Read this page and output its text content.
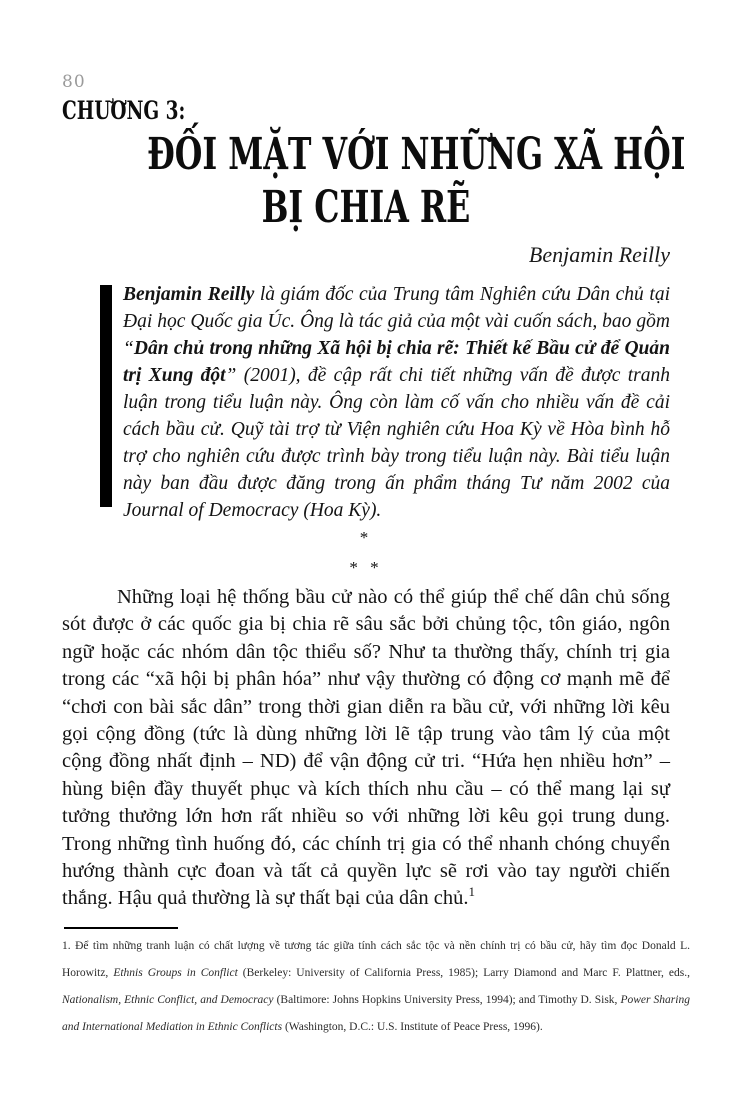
80
CHƯƠNG 3:
ĐỐI MẶT VỚI NHỮNG XÃ HỘI
BỊ CHIA RẼ
Benjamin Reilly
Benjamin Reilly là giám đốc của Trung tâm Nghiên cứu Dân chủ tại Đại học Quốc gia Úc. Ông là tác giả của một vài cuốn sách, bao gồm “Dân chủ trong những Xã hội bị chia rẽ: Thiết kế Bầu cử để Quản trị Xung đột” (2001), đề cập rất chi tiết những vấn đề được tranh luận trong tiểu luận này. Ông còn làm cố vấn cho nhiều vấn đề cải cách bầu cử. Quỹ tài trợ từ Viện nghiên cứu Hoa Kỳ về Hòa bình hỗ trợ cho nghiên cứu được trình bày trong tiểu luận này. Bài tiểu luận này ban đầu được đăng trong ấn phẩm tháng Tư năm 2002 của Journal of Democracy (Hoa Kỳ).
*
* *

Những loại hệ thống bầu cử nào có thể giúp thể chế dân chủ sống sót được ở các quốc gia bị chia rẽ sâu sắc bởi chủng tộc, tôn giáo, ngôn ngữ hoặc các nhóm dân tộc thiểu số? Như ta thường thấy, chính trị gia trong các “xã hội bị phân hóa” như vậy thường có động cơ mạnh mẽ để “chơi con bài sắc dân” trong thời gian diễn ra bầu cử, với những lời kêu gọi cộng đồng (tức là dùng những lời lẽ tập trung vào tâm lý của một cộng đồng nhất định – ND) để vận động cử tri. “Hứa hẹn nhiều hơn” – hùng biện đầy thuyết phục và kích thích nhu cầu – có thể mang lại sự tưởng thưởng lớn hơn rất nhiều so với những lời kêu gọi trung dung. Trong những tình huống đó, các chính trị gia có thể nhanh chóng chuyển hướng thành cực đoan và tất cả quyền lực sẽ rơi vào tay người chiến thắng. Hậu quả thường là sự thất bại của dân chủ.$^1$

1. Để tìm những tranh luận có chất lượng về tương tác giữa tính cách sắc tộc và nền chính trị có bầu cử, hãy tìm đọc Donald L. Horowitz, Ethnis Groups in Conflict (Berkeley: University of California Press, 1985); Larry Diamond and Marc F. Plattner, eds., Nationalism, Ethnic Conflict, and Democracy (Baltimore: Johns Hopkins University Press, 1994); and Timothy D. Sisk, Power Sharing and International Mediation in Ethnic Conflicts (Washington, D.C.: U.S. Institute of Peace Press, 1996).
